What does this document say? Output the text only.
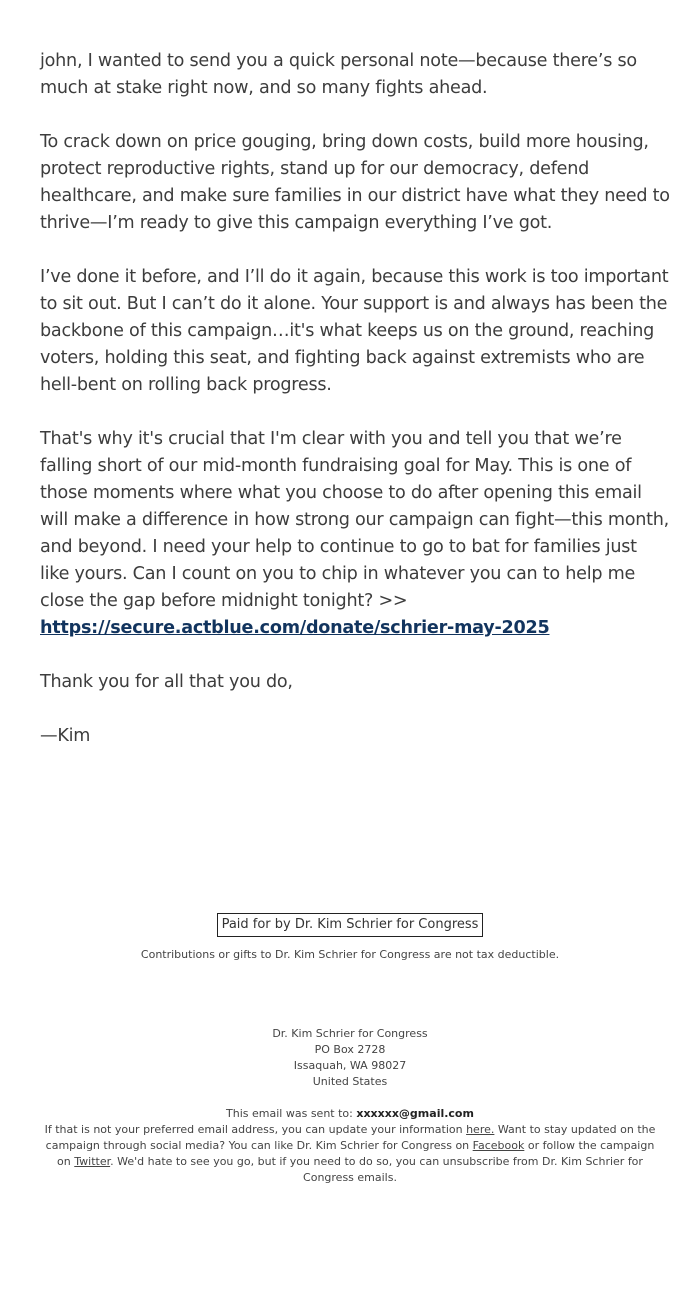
john, I wanted to send you a quick personal note—because there’s so much at stake right now, and so many fights ahead.

To crack down on price gouging, bring down costs, build more housing, protect reproductive rights, stand up for our democracy, defend healthcare, and make sure families in our district have what they need to thrive—I’m ready to give this campaign everything I’ve got.

I’ve done it before, and I’ll do it again, because this work is too important to sit out. But I can’t do it alone. Your support is and always has been the backbone of this campaign…it's what keeps us on the ground, reaching voters, holding this seat, and fighting back against extremists who are hell-bent on rolling back progress.

That's why it's crucial that I'm clear with you and tell you that we’re falling short of our mid-month fundraising goal for May. This is one of those moments where what you choose to do after opening this email will make a difference in how strong our campaign can fight—this month, and beyond. I need your help to continue to go to bat for families just like yours. Can I count on you to chip in whatever you can to help me close the gap before midnight tonight? >> https://secure.actblue.com/donate/schrier-may-2025

Thank you for all that you do,

—Kim

Paid for by Dr. Kim Schrier for Congress
Contributions or gifts to Dr. Kim Schrier for Congress are not tax deductible.
Dr. Kim Schrier for Congress
PO Box 2728
Issaquah, WA 98027
United States
This email was sent to: xxxxxx@gmail.com
If that is not your preferred email address, you can update your information here. Want to stay updated on the campaign through social media? You can like Dr. Kim Schrier for Congress on Facebook or follow the campaign on Twitter. We'd hate to see you go, but if you need to do so, you can unsubscribe from Dr. Kim Schrier for Congress emails.
